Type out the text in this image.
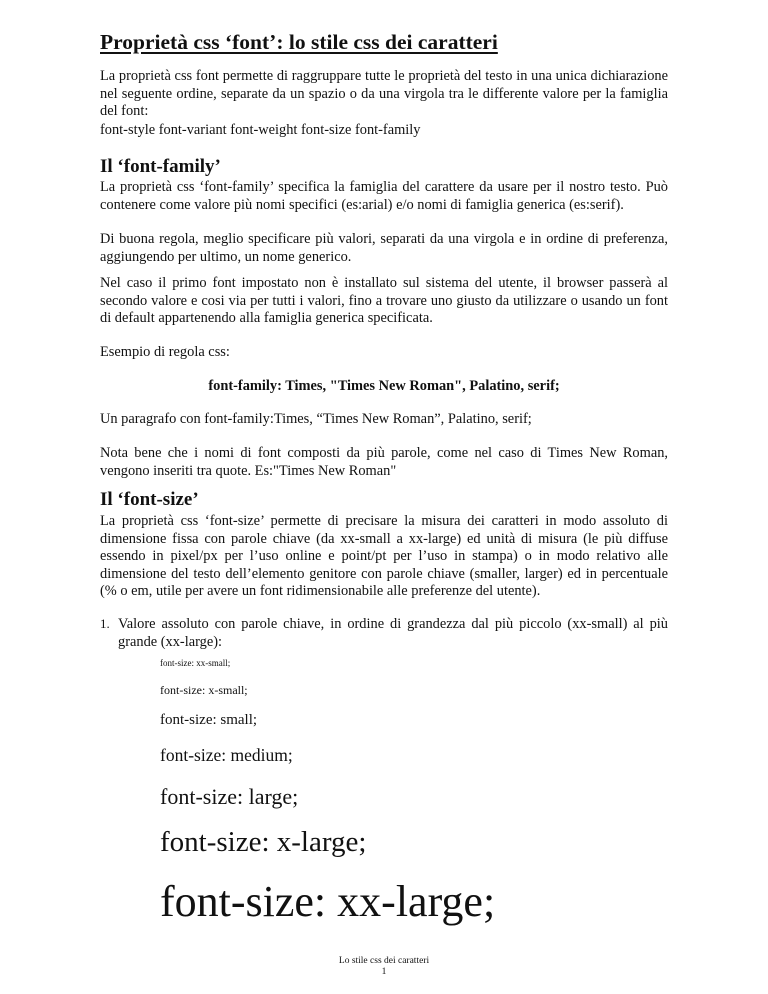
Proprietà css ‘font’: lo stile css dei caratteri

La proprietà css font permette di raggruppare tutte le proprietà del testo in una unica dichiarazione nel seguente ordine, separate da un spazio o da una virgola tra le differente valore per la famiglia del font:

font-style font-variant font-weight font-size font-family

Il ‘font-family’

La proprietà css ‘font-family’ specifica la famiglia del carattere da usare per il nostro testo. Può contenere come valore più nomi specifici (es:arial) e/o nomi di famiglia generica (es:serif).

Di buona regola, meglio specificare più valori, separati da una virgola e in ordine di preferenza, aggiungendo per ultimo, un nome generico.

Nel caso il primo font impostato non è installato sul sistema del utente, il browser passerà al secondo valore e cosi via per tutti i valori, fino a trovare uno giusto da utilizzare o usando un font di default appartenendo alla famiglia generica specificata.

Esempio di regola css:

font-family: Times, "Times New Roman", Palatino, serif;

Un paragrafo con font-family:Times, “Times New Roman”, Palatino, serif;

Nota bene che i nomi di font composti da più parole, come nel caso di Times New Roman, vengono inseriti tra quote. Es:"Times New Roman"

Il ‘font-size’

La proprietà css ‘font-size’ permette di precisare la misura dei caratteri in modo assoluto di dimensione fissa con parole chiave (da xx-small a xx-large) ed unità di misura (le più diffuse essendo in pixel/px per l’uso online e point/pt per l’uso in stampa) o in modo relativo alle dimensione del testo dell’elemento genitore con parole chiave (smaller, larger) ed in percentuale (% o em, utile per avere un font ridimensionabile alle preferenze del utente).

1. Valore assoluto con parole chiave, in ordine di grandezza dal più piccolo (xx-small) al più grande (xx-large):

font-size: xx-small;
font-size: x-small;
font-size: small;
font-size: medium;
font-size: large;
font-size: x-large;
font-size: xx-large;
Lo stile css dei caratteri
1
